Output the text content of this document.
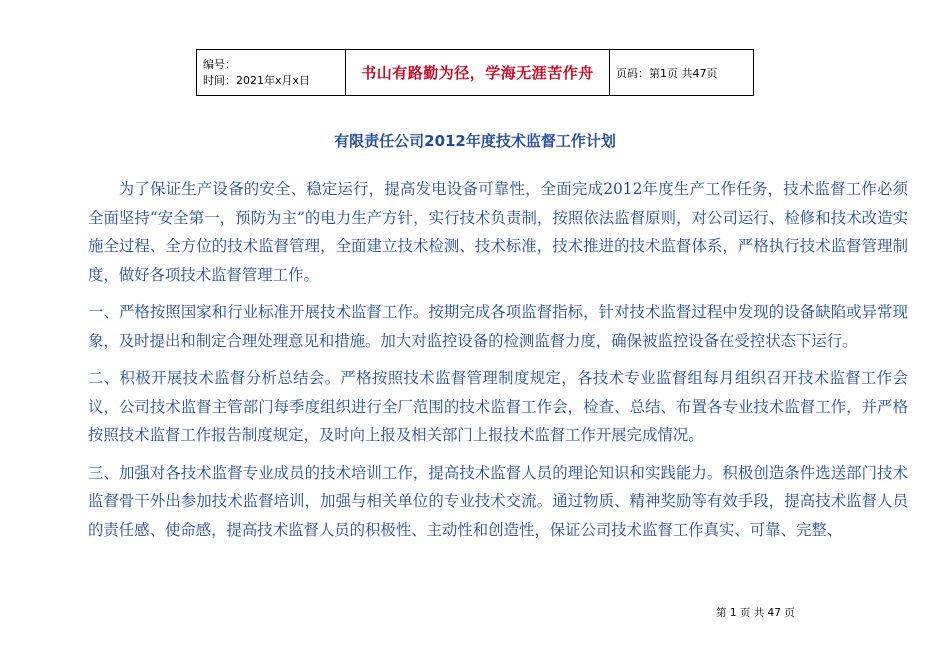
编号：
时间：2021年x月x日	书山有路勤为径，学海无涯苦作舟	页码：第1页 共47页
有限责任公司2012年度技术监督工作计划

为了保证生产设备的安全、稳定运行，提高发电设备可靠性，全面完成2012年度生产工作任务，技术监督工作必须全面坚持“安全第一，预防为主”的电力生产方针，实行技术负责制，按照依法监督原则，对公司运行、检修和技术改造实施全过程、全方位的技术监督管理，全面建立技术检测、技术标准，技术推进的技术监督体系，严格执行技术监督管理制度，做好各项技术监督管理工作。

一、严格按照国家和行业标准开展技术监督工作。按期完成各项监督指标，针对技术监督过程中发现的设备缺陷或异常现象，及时提出和制定合理处理意见和措施。加大对监控设备的检测监督力度，确保被监控设备在受控状态下运行。

二、积极开展技术监督分析总结会。严格按照技术监督管理制度规定，各技术专业监督组每月组织召开技术监督工作会议，公司技术监督主管部门每季度组织进行全厂范围的技术监督工作会，检查、总结、布置各专业技术监督工作，并严格按照技术监督工作报告制度规定，及时向上报及相关部门上报技术监督工作开展完成情况。

三、加强对各技术监督专业成员的技术培训工作，提高技术监督人员的理论知识和实践能力。积极创造条件选送部门技术监督骨干外出参加技术监督培训，加强与相关单位的专业技术交流。通过物质、精神奖励等有效手段，提高技术监督人员的责任感、使命感，提高技术监督人员的积极性、主动性和创造性，保证公司技术监督工作真实、可靠、完整、

第 1 页 共 47 页
